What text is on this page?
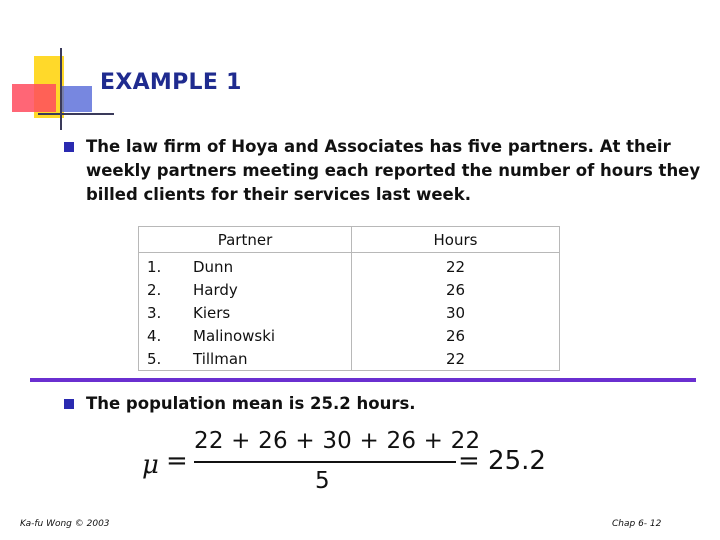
EXAMPLE 1
The law firm of Hoya and Associates has five partners. At their weekly partners meeting each reported the number of hours they billed clients for their services last week.
Partner		Hours
1.	Dunn	22
2.	Hardy	26
3.	Kiers	30
4.	Malinowski	26
5.	Tillman	22
The population mean is 25.2 hours.
μ =
22 + 26 + 30 + 26 + 22
5
= 25.2
Ka-fu Wong © 2003	Chap 6- 12
